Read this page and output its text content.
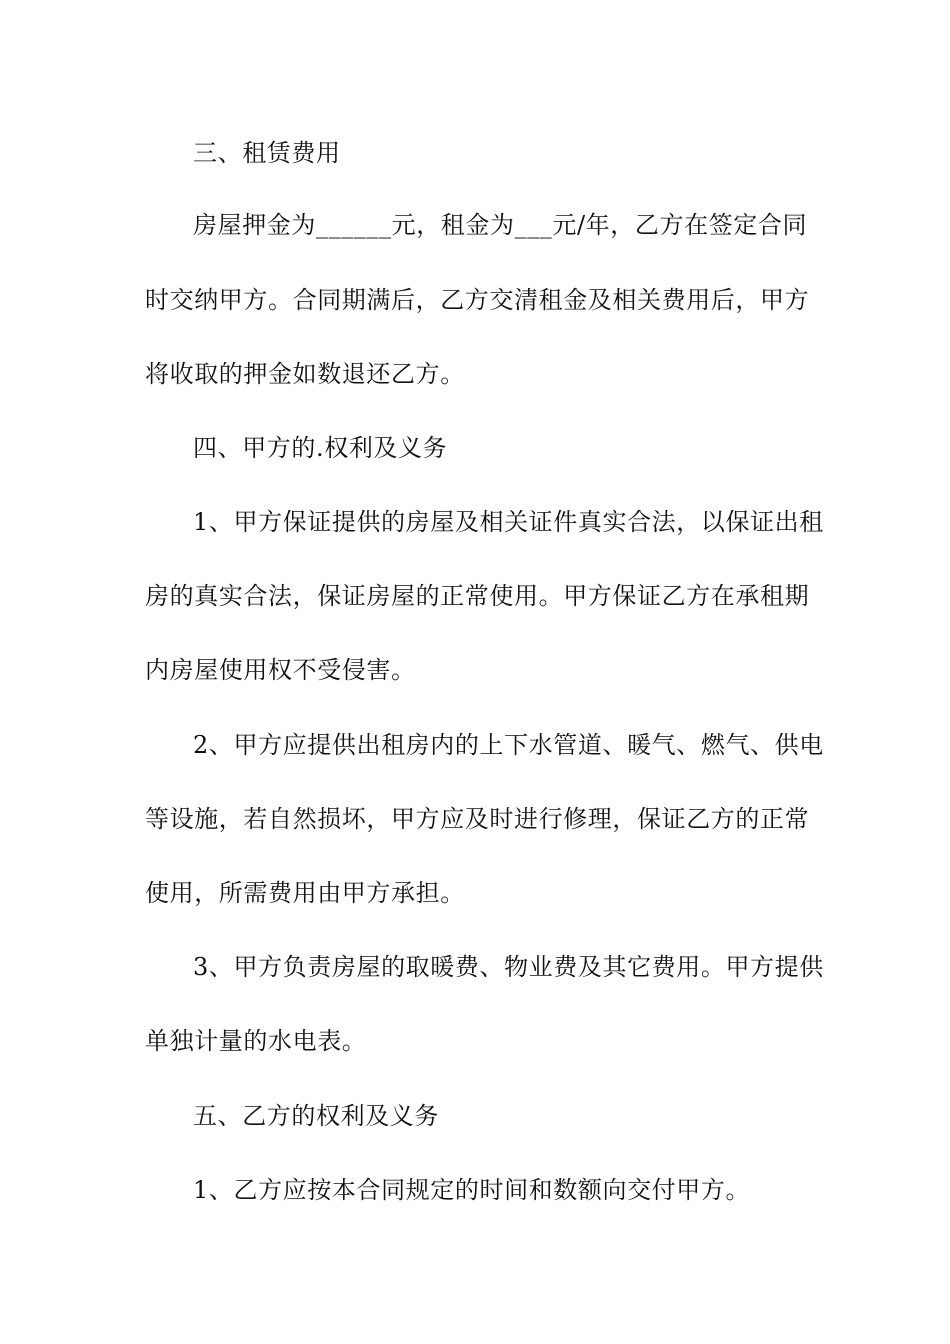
三、租赁费用
房屋押金为______元，租金为___元/年，乙方在签定合同
时交纳甲方。合同期满后，乙方交清租金及相关费用后，甲方
将收取的押金如数退还乙方。
四、甲方的.权利及义务
1、甲方保证提供的房屋及相关证件真实合法，以保证出租
房的真实合法，保证房屋的正常使用。甲方保证乙方在承租期
内房屋使用权不受侵害。
2、甲方应提供出租房内的上下水管道、暖气、燃气、供电
等设施，若自然损坏，甲方应及时进行修理，保证乙方的正常
使用，所需费用由甲方承担。
3、甲方负责房屋的取暖费、物业费及其它费用。甲方提供
单独计量的水电表。
五、乙方的权利及义务
1、乙方应按本合同规定的时间和数额向交付甲方。
